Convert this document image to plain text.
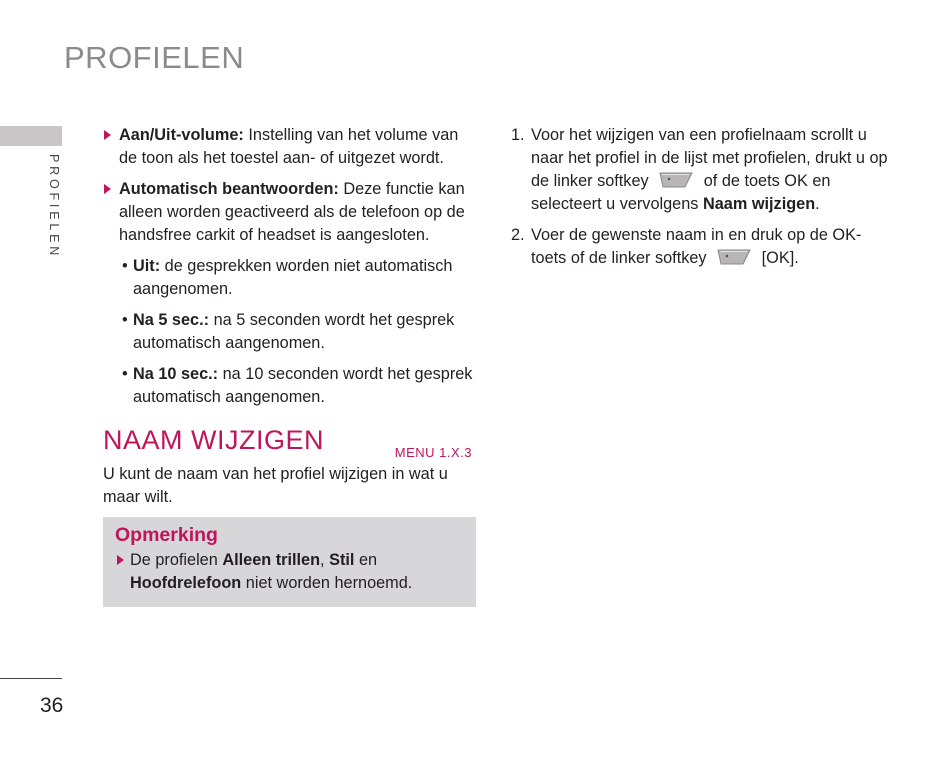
PROFIELEN
PROFIELEN
36

Aan/Uit-volume: Instelling van het volume van de toon als het toestel aan- of uitgezet wordt.

Automatisch beantwoorden: Deze functie kan alleen worden geactiveerd als de telefoon op de handsfree carkit of headset is aangesloten.

• Uit: de gesprekken worden niet automatisch aangenomen.

• Na 5 sec.: na 5 seconden wordt het gesprek automatisch aangenomen.

• Na 10 sec.: na 10 seconden wordt het gesprek automatisch aangenomen.

NAAM WIJZIGEN	MENU 1.X.3

U kunt de naam van het profiel wijzigen in wat u maar wilt.

Opmerking
De profielen Alleen trillen, Stil en Hoofdrelefoon niet worden hernoemd.

1. Voor het wijzigen van een profielnaam scrollt u naar het profiel in de lijst met profielen, drukt u op de linker softkey	of de toets OK en selecteert u vervolgens Naam wijzigen.

2. Voer de gewenste naam in en druk op de OK-toets of de linker softkey	[OK].
